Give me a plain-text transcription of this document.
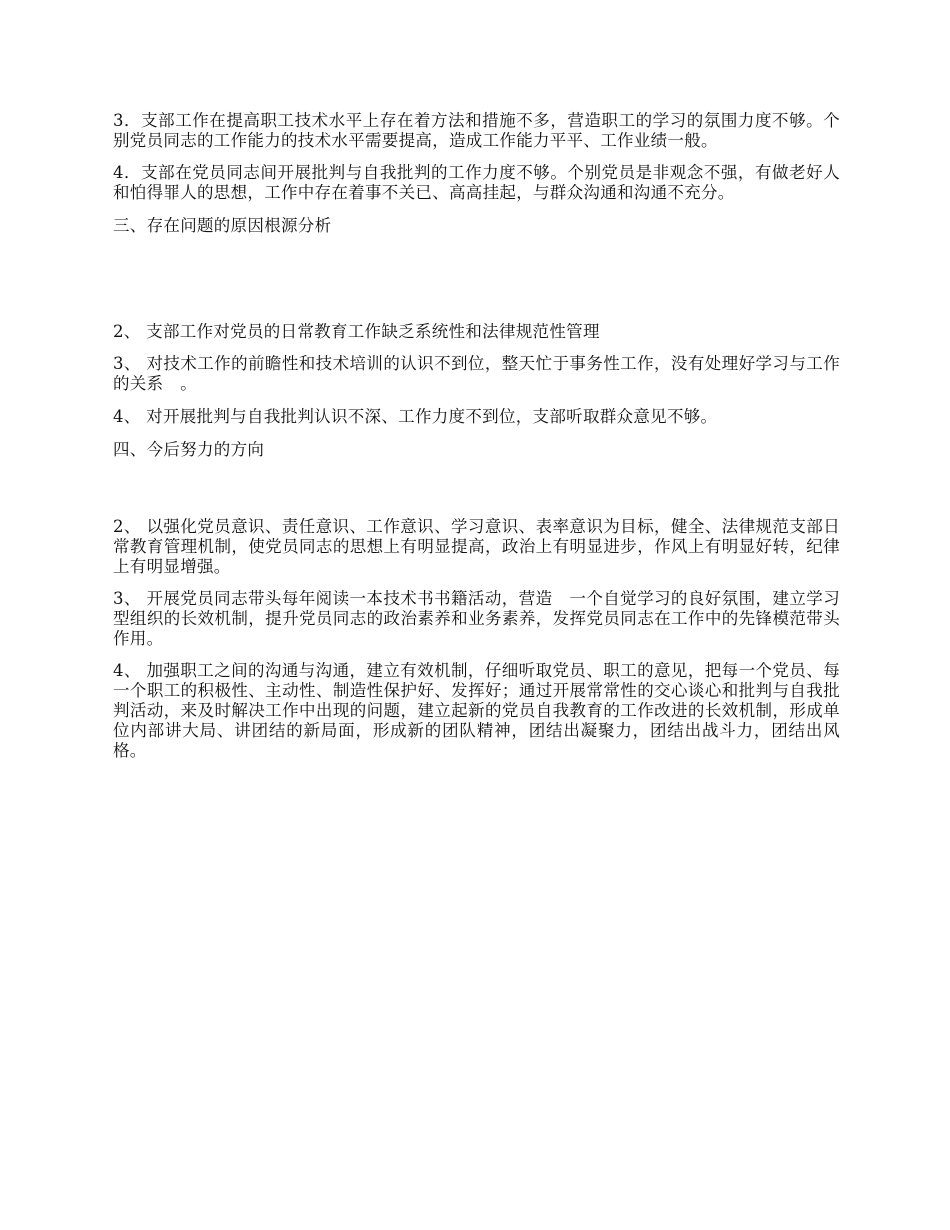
3．支部工作在提高职工技术水平上存在着方法和措施不多，营造职工的学习的氛围力度不够。个别党员同志的工作能力的技术水平需要提高，造成工作能力平平、工作业绩一般。

4．支部在党员同志间开展批判与自我批判的工作力度不够。个别党员是非观念不强，有做老好人和怕得罪人的思想，工作中存在着事不关已、高高挂起，与群众沟通和沟通不充分。

三、存在问题的原因根源分析

2、 支部工作对党员的日常教育工作缺乏系统性和法律规范性管理

3、 对技术工作的前瞻性和技术培训的认识不到位，整天忙于事务性工作，没有处理好学习与工作的关系　。

4、 对开展批判与自我批判认识不深、工作力度不到位，支部听取群众意见不够。

四、今后努力的方向

2、 以强化党员意识、责任意识、工作意识、学习意识、表率意识为目标，健全、法律规范支部日常教育管理机制，使党员同志的思想上有明显提高，政治上有明显进步，作风上有明显好转，纪律上有明显增强。

3、 开展党员同志带头每年阅读一本技术书书籍活动，营造　一个自觉学习的良好氛围，建立学习型组织的长效机制，提升党员同志的政治素养和业务素养，发挥党员同志在工作中的先锋模范带头作用。

4、 加强职工之间的沟通与沟通，建立有效机制，仔细听取党员、职工的意见，把每一个党员、每一个职工的积极性、主动性、制造性保护好、发挥好；通过开展常常性的交心谈心和批判与自我批判活动，来及时解决工作中出现的问题，建立起新的党员自我教育的工作改进的长效机制，形成单位内部讲大局、讲团结的新局面，形成新的团队精神，团结出凝聚力，团结出战斗力，团结出风格。
